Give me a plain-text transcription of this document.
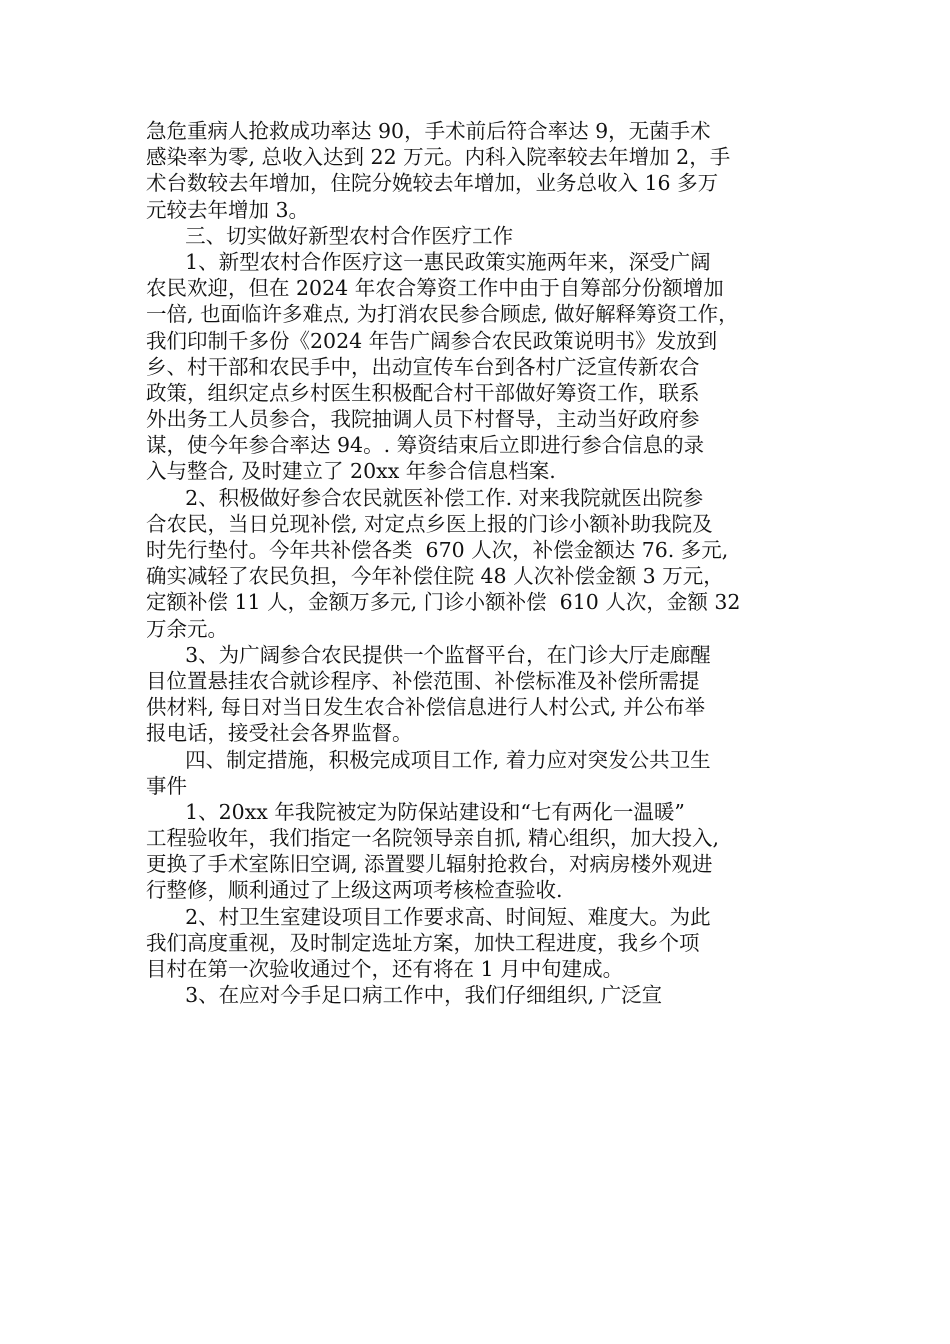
急危重病人抢救成功率达 90，手术前后符合率达 9，无菌手术
感染率为零, 总收入达到 22 万元。内科入院率较去年增加 2，手
术台数较去年增加，住院分娩较去年增加，业务总收入 16 多万
元较去年增加 3。
三、切实做好新型农村合作医疗工作
1、新型农村合作医疗这一惠民政策实施两年来，深受广阔
农民欢迎，但在 2024 年农合筹资工作中由于自筹部分份额增加
一倍, 也面临许多难点, 为打消农民参合顾虑, 做好解释筹资工作，
我们印制千多份《2024 年告广阔参合农民政策说明书》发放到
乡、村干部和农民手中，出动宣传车台到各村广泛宣传新农合
政策，组织定点乡村医生积极配合村干部做好筹资工作，联系
外出务工人员参合，我院抽调人员下村督导，主动当好政府参
谋，使今年参合率达 94。. 筹资结束后立即进行参合信息的录
入与整合, 及时建立了 20xx 年参合信息档案.
2、积极做好参合农民就医补偿工作. 对来我院就医出院参
合农民，当日兑现补偿, 对定点乡医上报的门诊小额补助我院及
时先行垫付。今年共补偿各类  670 人次，补偿金额达 76. 多元,
确实减轻了农民负担，今年补偿住院 48 人次补偿金额 3 万元，
定额补偿 11 人，金额万多元, 门诊小额补偿  610 人次，金额 32
万余元。
3、为广阔参合农民提供一个监督平台，在门诊大厅走廊醒
目位置悬挂农合就诊程序、补偿范围、补偿标准及补偿所需提
供材料, 每日对当日发生农合补偿信息进行人村公式, 并公布举
报电话，接受社会各界监督。
四、制定措施，积极完成项目工作, 着力应对突发公共卫生
事件
1、20xx 年我院被定为防保站建设和“七有两化一温暖”
工程验收年，我们指定一名院领导亲自抓, 精心组织，加大投入,
更换了手术室陈旧空调, 添置婴儿辐射抢救台，对病房楼外观进
行整修，顺利通过了上级这两项考核检查验收.
2、村卫生室建设项目工作要求高、时间短、难度大。为此
我们高度重视，及时制定选址方案，加快工程进度，我乡个项
目村在第一次验收通过个，还有将在 1 月中旬建成。
3、在应对今手足口病工作中，我们仔细组织, 广泛宣
